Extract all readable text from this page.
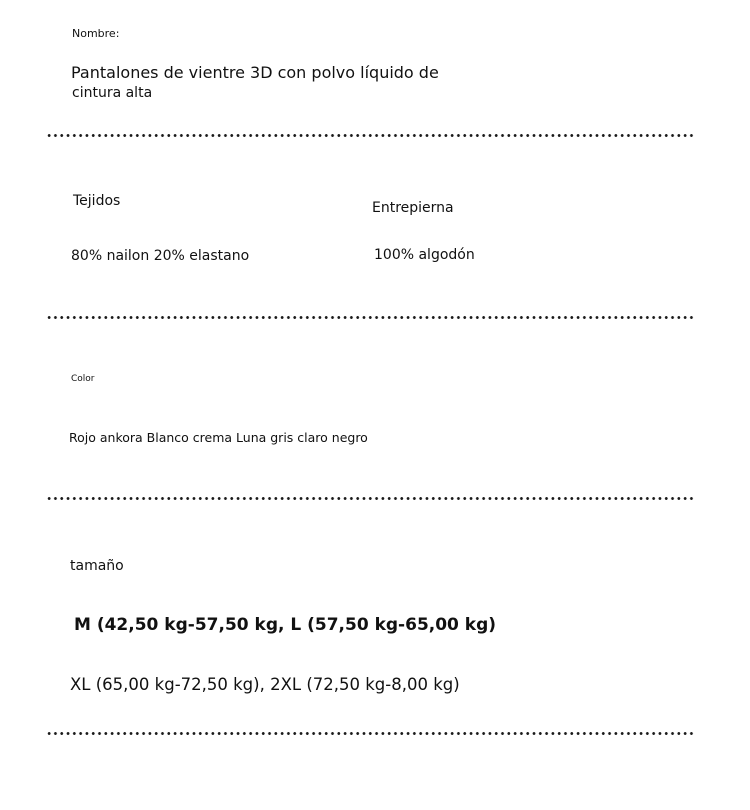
Nombre:
Pantalones de vientre 3D con polvo líquido de
cintura alta
Tejidos
80% nailon 20% elastano
Entrepierna
100% algodón
Color
Rojo ankora Blanco crema Luna gris claro negro
tamaño
M (42,50 kg-57,50 kg, L (57,50 kg-65,00 kg)
XL (65,00 kg-72,50 kg), 2XL (72,50 kg-8,00 kg)
